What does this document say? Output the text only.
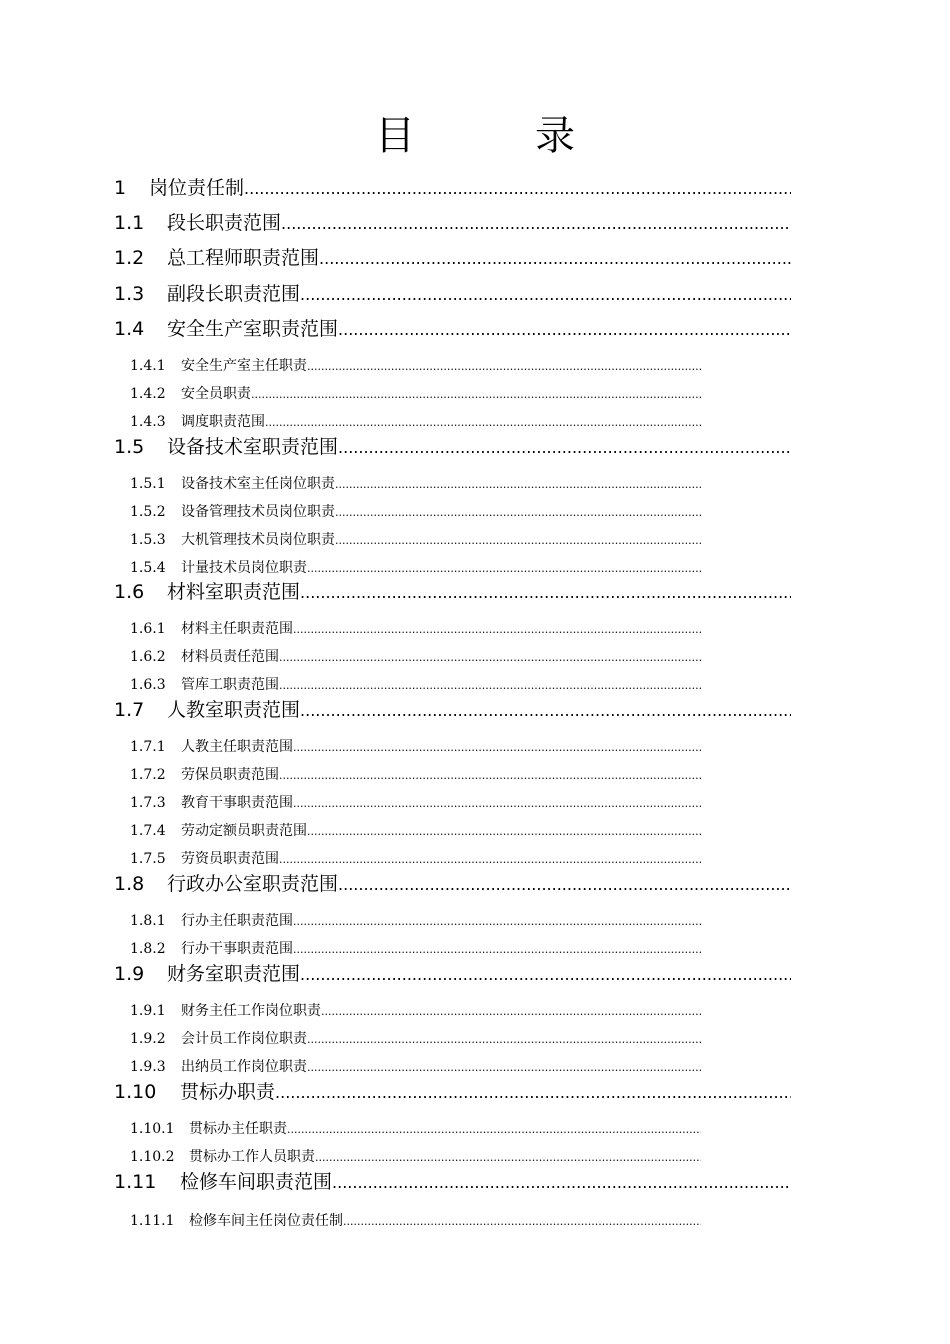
目　录
1	岗位责任制
.....
1.1	段长职责范围
.....
1.2	总工程师职责范围
.....
1.3	副段长职责范围
.....
1.4	安全生产室职责范围
.....
1.4.1	安全生产室主任职责
.....
1.4.2	安全员职责
.....
1.4.3	调度职责范围
.....
1.5	设备技术室职责范围
.....
1.5.1	设备技术室主任岗位职责
.....
1.5.2	设备管理技术员岗位职责
.....
1.5.3	大机管理技术员岗位职责
.....
1.5.4	计量技术员岗位职责
.....
1.6	材料室职责范围
.....
1.6.1	材料主任职责范围
.....
1.6.2	材料员责任范围
.....
1.6.3	管库工职责范围
.....
1.7	人教室职责范围
.....
1.7.1	人教主任职责范围
.....
1.7.2	劳保员职责范围
.....
1.7.3	教育干事职责范围
.....
1.7.4	劳动定额员职责范围
.....
1.7.5	劳资员职责范围
.....
1.8	行政办公室职责范围
.....
1.8.1	行办主任职责范围
.....
1.8.2	行办干事职责范围
.....
1.9	财务室职责范围
.....
1.9.1	财务主任工作岗位职责
.....
1.9.2	会计员工作岗位职责
.....
1.9.3	出纳员工作岗位职责
.....
1.10	贯标办职责
.....
1.10.1	贯标办主任职责
.....
1.10.2	贯标办工作人员职责
.....
1.11	检修车间职责范围
.....
1.11.1	检修车间主任岗位责任制
.....
